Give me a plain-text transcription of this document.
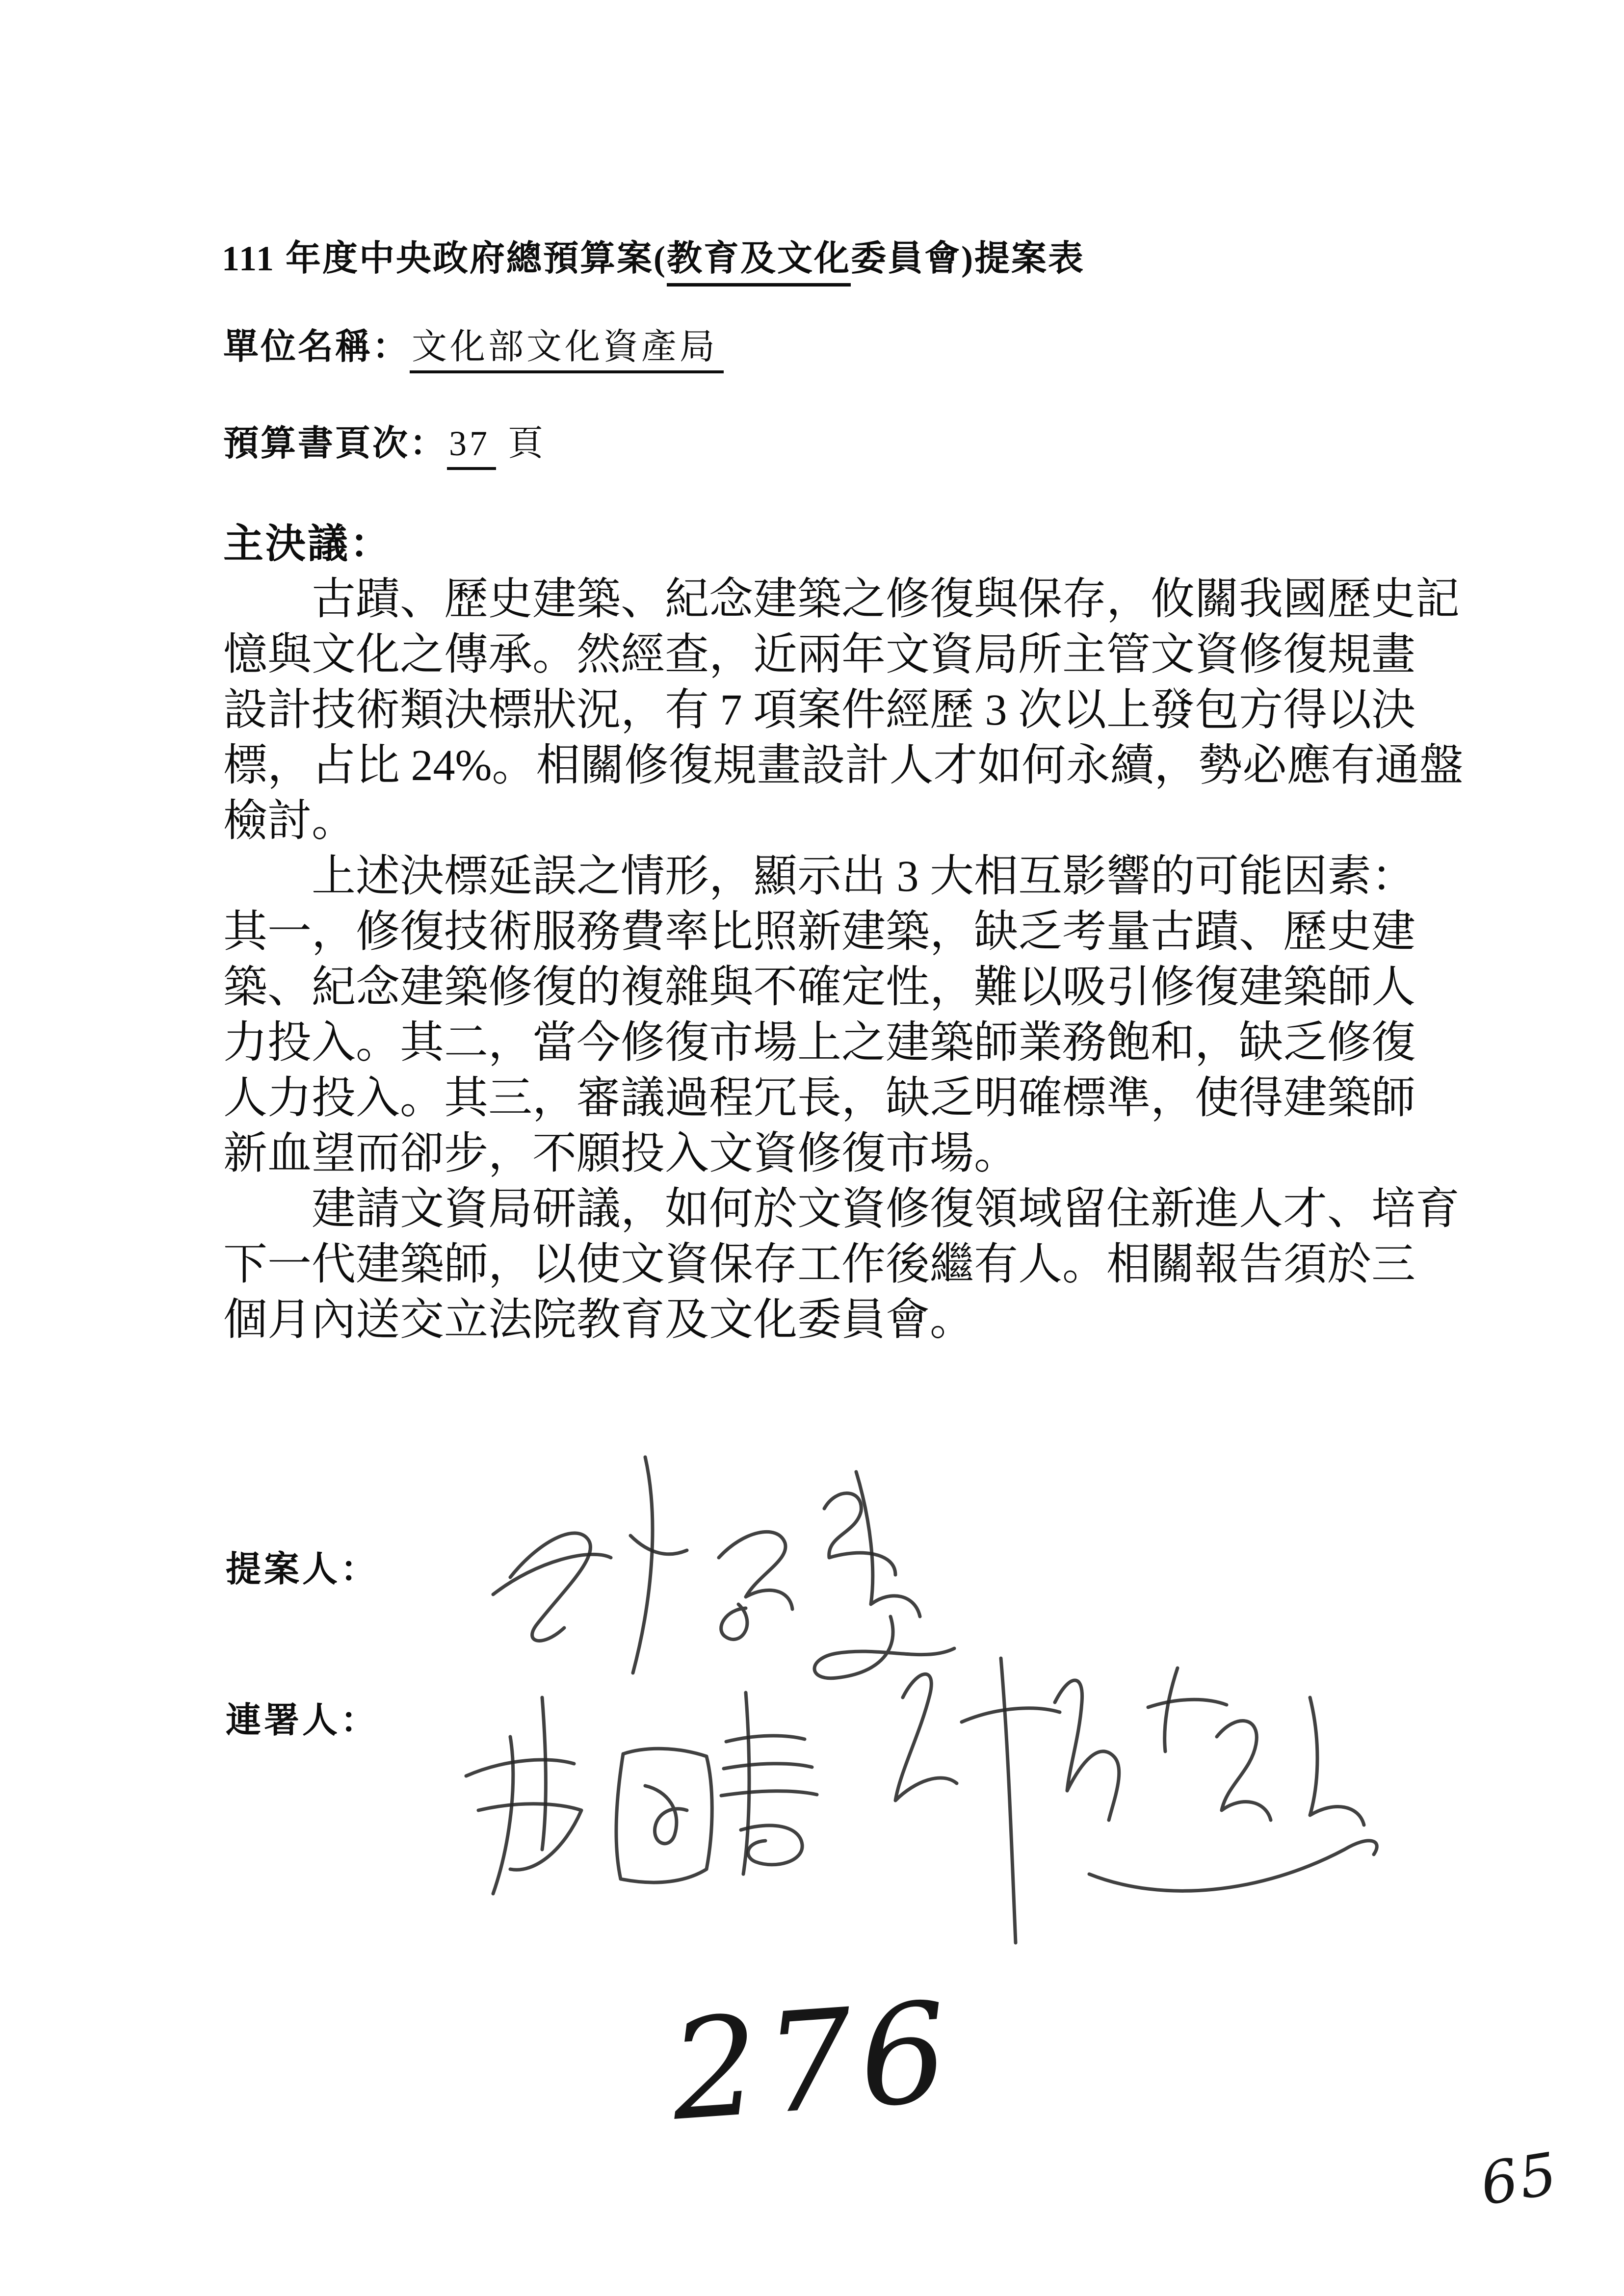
111 年度中央政府總預算案(教育及文化委員會)提案表
單位名稱：文化部文化資產局
預算書頁次：37 頁
主決議：
古蹟、歷史建築、紀念建築之修復與保存，攸關我國歷史記
憶與文化之傳承。然經查，近兩年文資局所主管文資修復規畫
設計技術類決標狀況，有 7 項案件經歷 3 次以上發包方得以決
標，占比 24%。相關修復規畫設計人才如何永續，勢必應有通盤
檢討。
上述決標延誤之情形，顯示出 3 大相互影響的可能因素：
其一，修復技術服務費率比照新建築，缺乏考量古蹟、歷史建
築、紀念建築修復的複雜與不確定性，難以吸引修復建築師人
力投入。其二，當今修復市場上之建築師業務飽和，缺乏修復
人力投入。其三，審議過程冗長，缺乏明確標準，使得建築師
新血望而卻步，不願投入文資修復市場。
建請文資局研議，如何於文資修復領域留住新進人才、培育
下一代建築師，以使文資保存工作後繼有人。相關報告須於三
個月內送交立法院教育及文化委員會。
提案人：
連署人：
276
65
